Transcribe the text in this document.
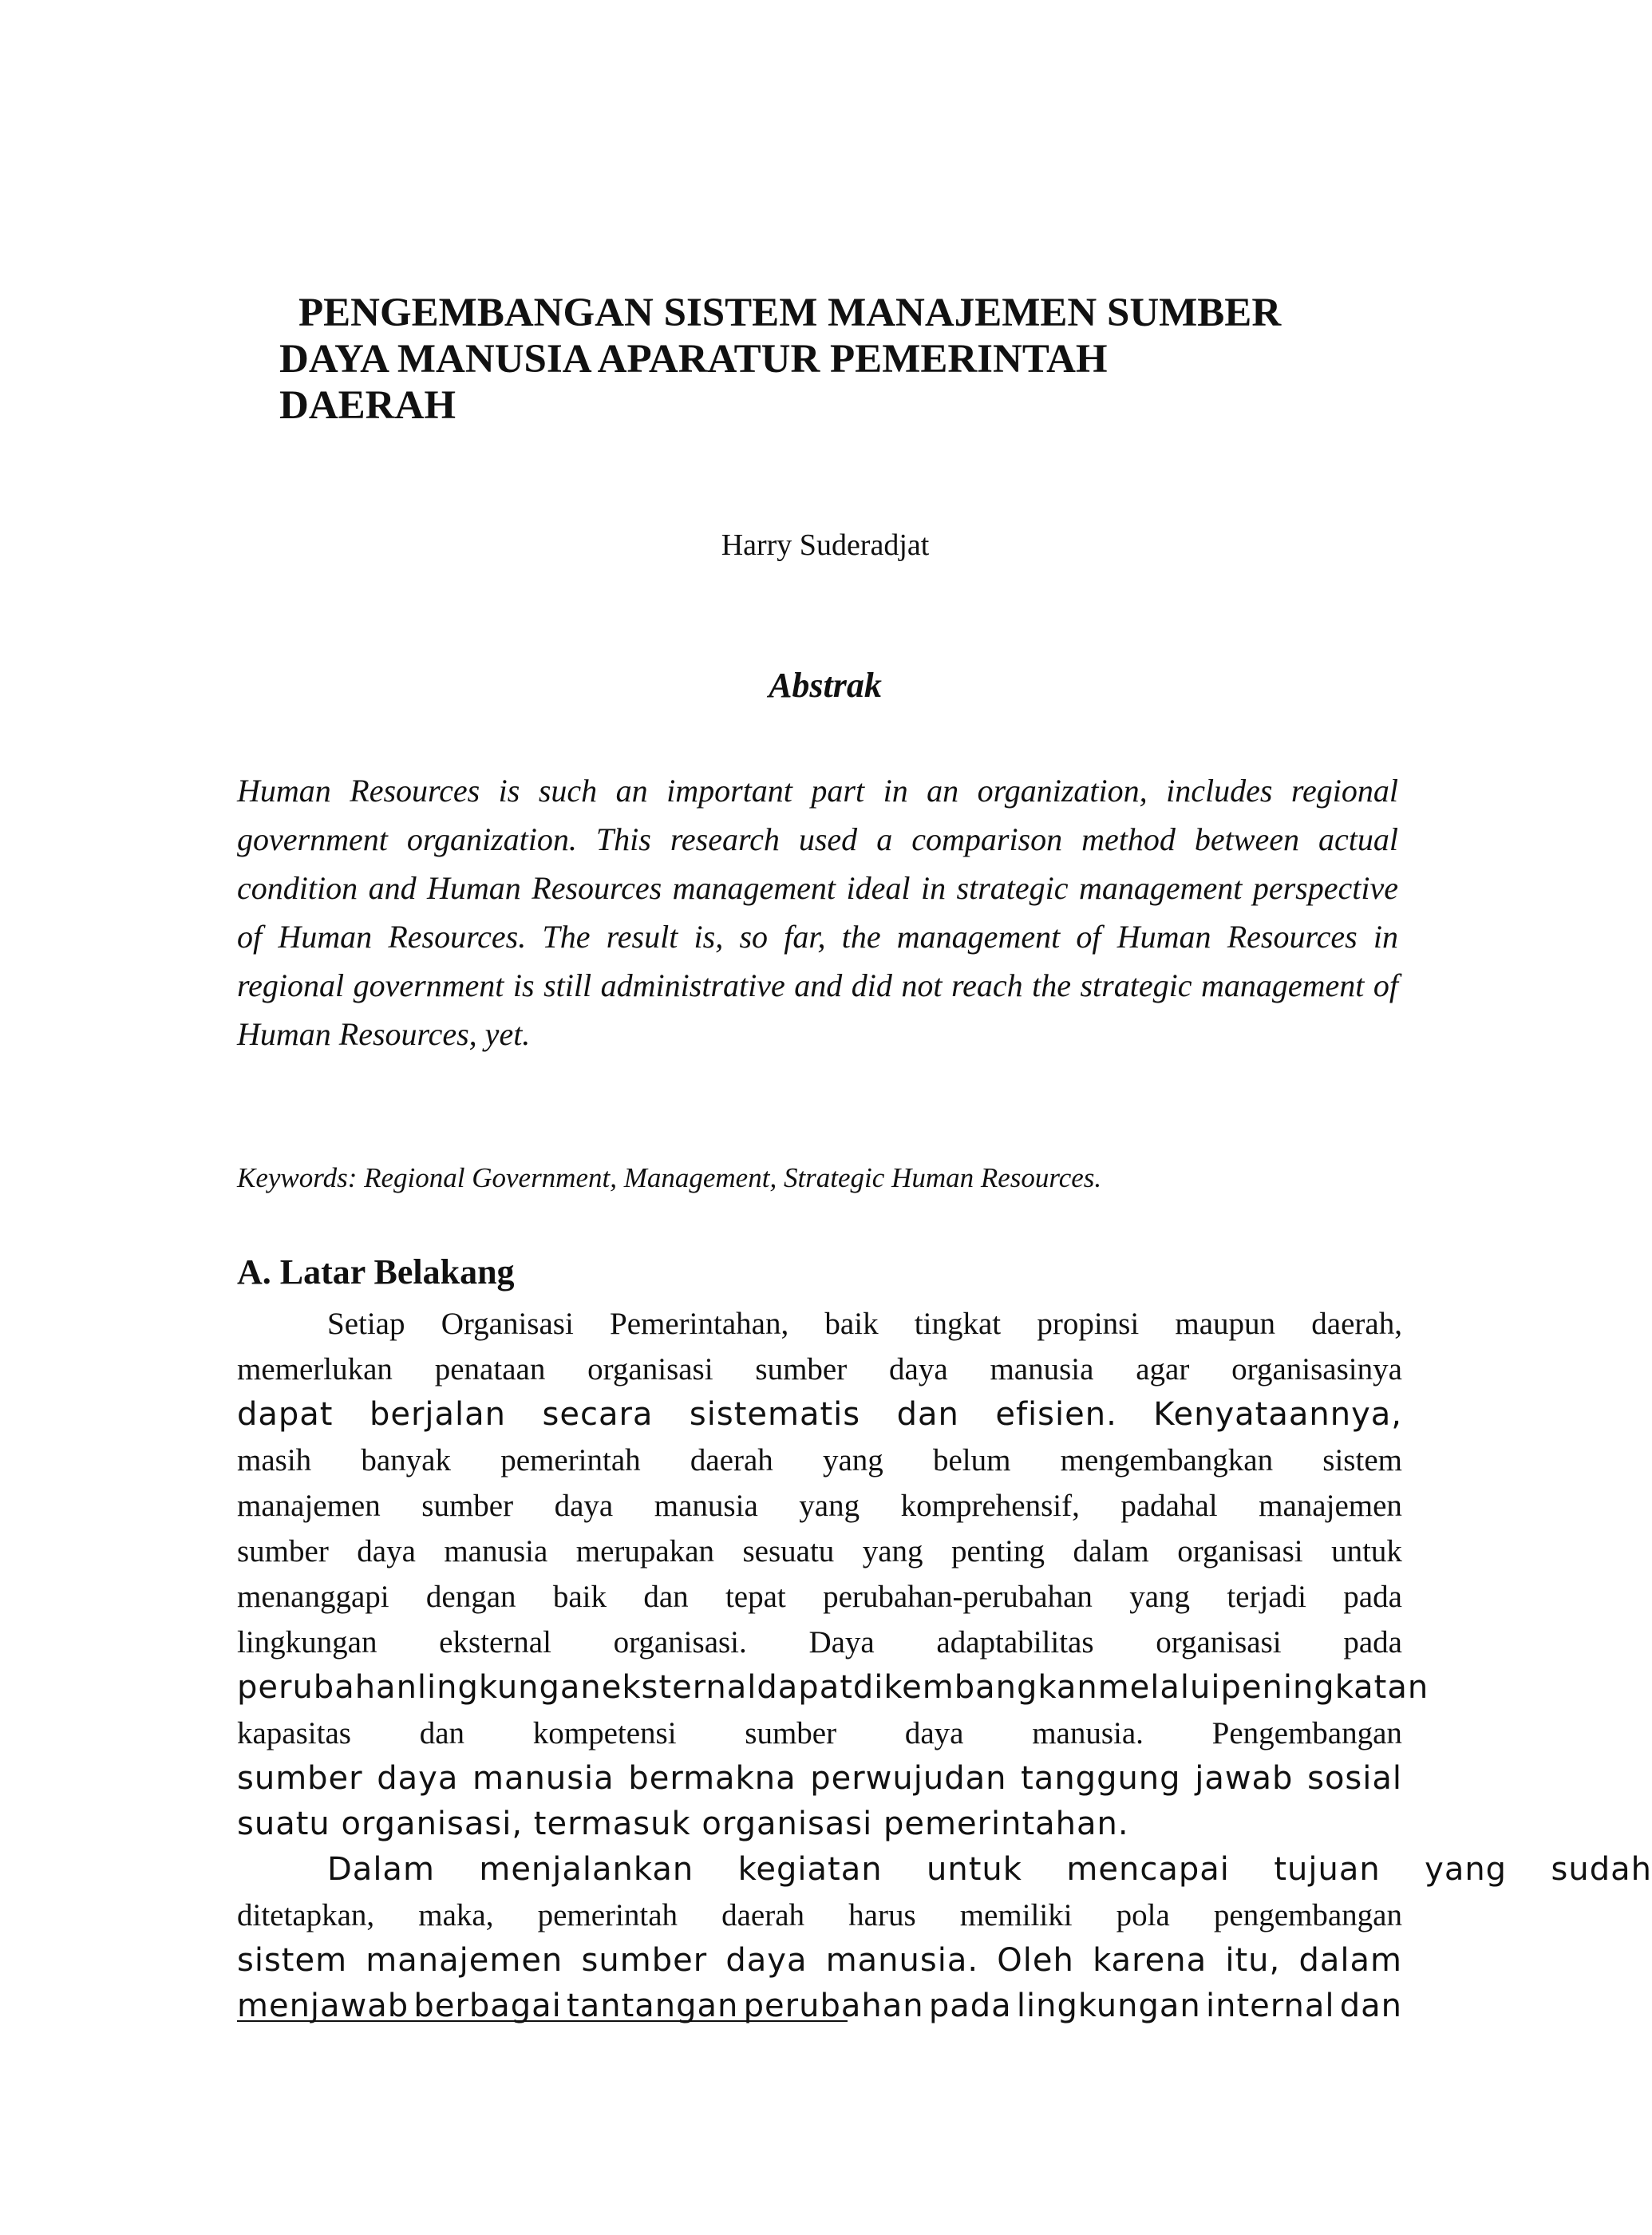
PENGEMBANGAN SISTEM MANAJEMEN SUMBER
DAYA MANUSIA APARATUR PEMERINTAH
DAERAH
Harry Suderadjat
Abstrak

Human Resources is such an important part in an organization, includes regional government organization. This research used a comparison method between actual condition and Human Resources management ideal in strategic management perspective of Human Resources. The result is, so far, the management of Human Resources in regional government is still administrative and did not reach the strategic management of Human Resources, yet.

Keywords: Regional Government, Management, Strategic Human Resources.

A. Latar Belakang
Setiap Organisasi Pemerintahan, baik tingkat propinsi maupun daerah,
memerlukan penataan organisasi sumber daya manusia agar organisasinya
dapat berjalan secara sistematis dan efisien. Kenyataannya,
masih banyak pemerintah daerah yang belum mengembangkan sistem
manajemen sumber daya manusia yang komprehensif, padahal manajemen
sumber daya manusia merupakan sesuatu yang penting dalam organisasi untuk
menanggapi dengan baik dan tepat perubahan-perubahan yang terjadi pada
lingkungan eksternal organisasi. Daya adaptabilitas organisasi pada
perubahan lingkungan eksternal dapat dikembangkan melalui peningkatan
kapasitas dan kompetensi sumber daya manusia. Pengembangan
sumber daya manusia bermakna perwujudan tanggung jawab sosial
suatu organisasi, termasuk organisasi pemerintahan.
Dalam menjalankan kegiatan untuk mencapai tujuan yang sudah
ditetapkan, maka, pemerintah daerah harus memiliki pola pengembangan
sistem manajemen sumber daya manusia. Oleh karena itu, dalam
menjawab berbagai tantangan perubahan pada lingkungan internal dan
